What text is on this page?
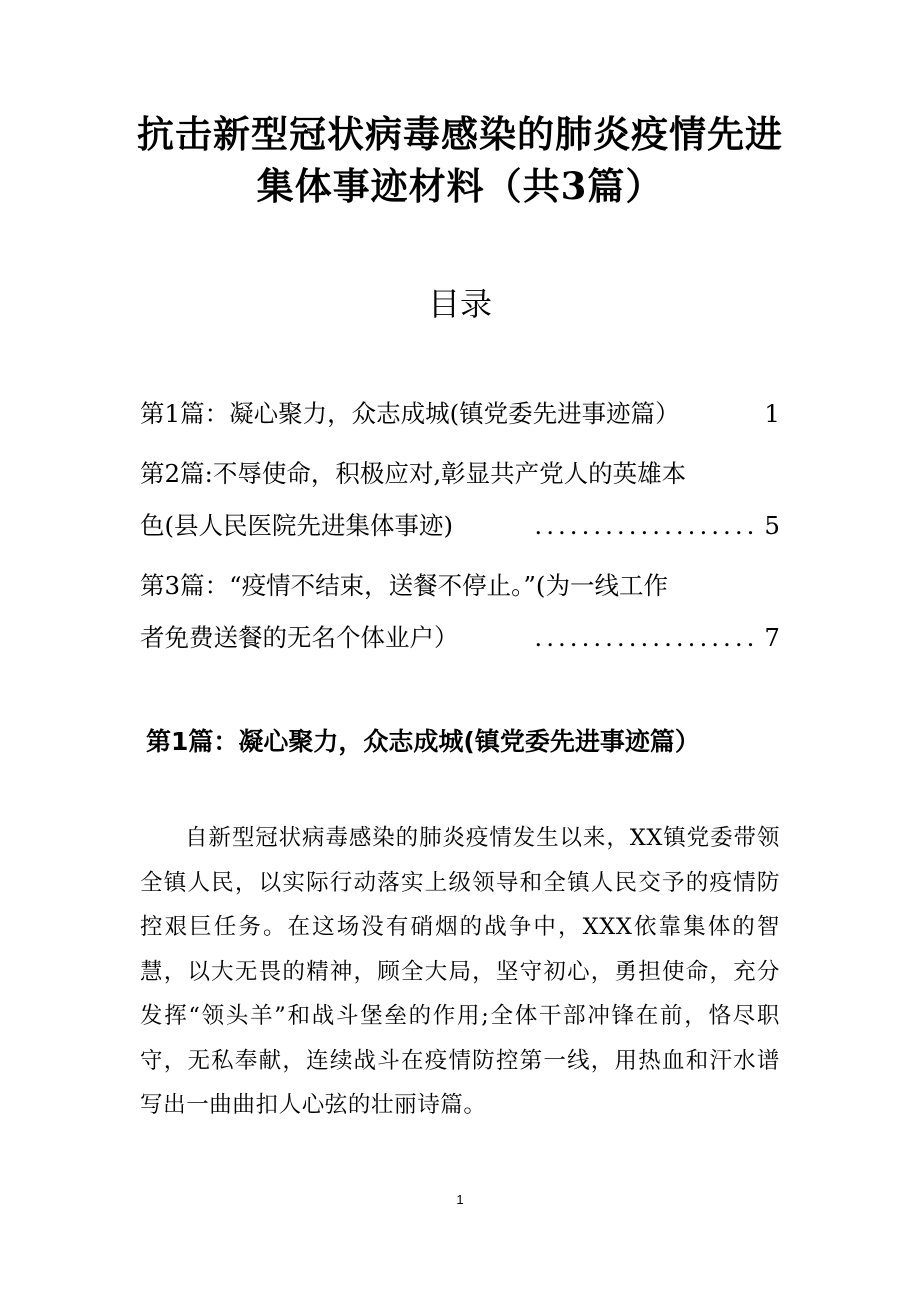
抗击新型冠状病毒感染的肺炎疫情先进
集体事迹材料（共3篇）
目录
第1篇：凝心聚力，众志成城(镇党委先进事迹篇）	1
第2篇:不辱使命，积极应对,彰显共产党人的英雄本
色(县人民医院先进集体事迹)	................... 5
第3篇：“疫情不结束，送餐不停止。”(为一线工作
者免费送餐的无名个体业户）	................... 7
第1篇：凝心聚力，众志成城(镇党委先进事迹篇）
自新型冠状病毒感染的肺炎疫情发生以来，XX镇党委带领全镇人民，以实际行动落实上级领导和全镇人民交予的疫情防控艰巨任务。在这场没有硝烟的战争中，XXX依靠集体的智慧，以大无畏的精神，顾全大局，坚守初心，勇担使命，充分发挥“领头羊”和战斗堡垒的作用;全体干部冲锋在前，恪尽职守，无私奉献，连续战斗在疫情防控第一线，用热血和汗水谱写出一曲曲扣人心弦的壮丽诗篇。
1
